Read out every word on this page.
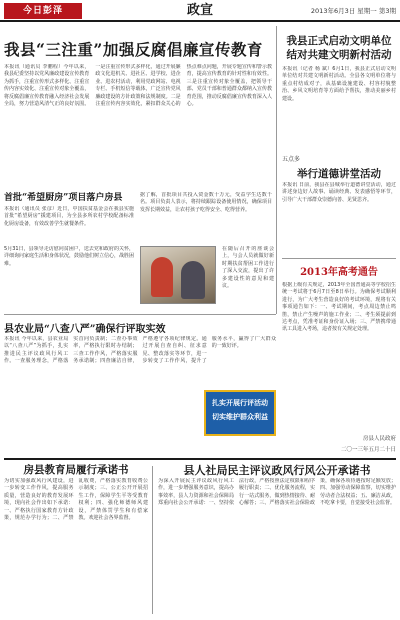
今日彭泽	政宣	2013年6月3日 星期一 第3期
我县“三注重”加强反腐倡廉宣传教育
本报讯（通讯员 李鹏程）今年以来，我县纪委坚持以党风廉政建设宣传教育为抓手，注重宣传形式多样化、注重宣传内容实效化、注重宣传对象全覆盖，将反腐倡廉宣传教育融入经济社会发展全局，努力营造风清气正的良好氛围。一是注重宣传形式多样化，通过开展廉政文化进机关、进社区、进学校、进企业、进农村活动，利用党政网站、电视专栏、手机短信等载体，广泛宣传党风廉政建设的方针政策和法规制度。二是注重宣传内容实效化，紧扣群众关心的热点难点问题，开展专题宣传和警示教育，提高宣传教育的针对性和有效性。三是注重宣传对象全覆盖，把领导干部、党员干部和普通群众都纳入宣传教育范围，推动反腐倡廉宣传教育深入人心。
首批“希望厨房”项目落户房县
本报讯（通讯员 张彦）近日，中国扶贫基金会在我县实施首批“希望厨房”援建项目，为全县多所农村学校配备标准化厨房设备，有效改善学生就餐条件。
据了解，首批项目共投入资金数十万元，受益学生达数千名。项目负责人表示，将持续跟踪设备使用情况，确保项目发挥长期效益，让农村孩子吃得安全、吃得营养。
5月31日，县领导走访慰问贫困户，送去党和政府的关怀，详细询问家庭生活和身体状况，鼓励他们树立信心，战胜困难。
在随后召开的座谈会上，与会人员就做好新时期扶贫帮困工作进行了深入交流，提出了许多建设性的意见和建议。
我县正式启动文明单位结对共建文明新村活动
本报讯（记者 杨 斌）6月1日，我县正式启动文明单位结对共建文明新村活动。全县各文明单位将与重点村结成对子，从基础设施建设、村容村貌整治、乡风文明培育等方面给予帮扶，推动美丽乡村建设。
五点多
举行道德讲堂活动
本报讯 日前，我县在县城举行道德讲堂活动，通过讲述身边好人故事、诵读经典、发表感悟等环节，引导广大干部群众崇德向善、见贤思齐。
2013年高考通告
根据上级有关规定，2013年全国普通高等学校招生统一考试将于6月7日至8日举行。为确保考试顺利进行，为广大考生营造良好的考试环境，现将有关事项通告如下：一、考试期间，考点周边禁止鸣笛，禁止产生噪声的施工作业；二、考生须提前到达考点，凭准考证和身份证入场；三、严禁携带通讯工具进入考场，违者按有关规定处理。
房县人民政府
二〇一三年五月二十日
县农业局“八查八严”确保行评取实效
本报讯 今年以来，县农业局以“八查八严”为抓手，扎实推进民主评议政风行风工作。一查服务理念，严格落实首问负责制；二查办事效率，严格执行限时办结制；三查工作作风，严格落实服务承诺制；四查廉洁自律，严格遵守各项纪律规定。通过开展自查自纠、征求意见、整改落实等环节，进一步转变了工作作风，提升了服务水平，赢得了广大群众的一致好评。
扎实开展行评活动
切实维护群众利益
房县教育局履行承诺书
为切实加强政风行风建设，进一步转变工作作风，提高服务质量，营造良好的教育发展环境，现向社会作出如下承诺：一、严格执行国家教育方针政策，规范办学行为；二、严禁乱收费，严格落实教育收费公示制度；三、公正公开开展招生工作，保障学生平等受教育权利；四、强化师德师风建设，严禁体罚学生和有偿家教。欢迎社会各界监督。
县人社局民主评议政风行风公开承诺书
为深入开展民主评议政风行风工作，进一步增强服务意识，提高办事效率，县人力资源和社会保障局郑重向社会公开承诺：一、坚持依法行政，严格按照法定权限和程序履行职责；二、优化服务流程，实行一站式服务，做到热情接待、耐心解答；三、严格落实社会保险政策，确保各项待遇按时足额发放；四、加强劳动保障监察，切实维护劳动者合法权益；五、廉洁从政，不吃拿卡要，自觉接受社会监督。
